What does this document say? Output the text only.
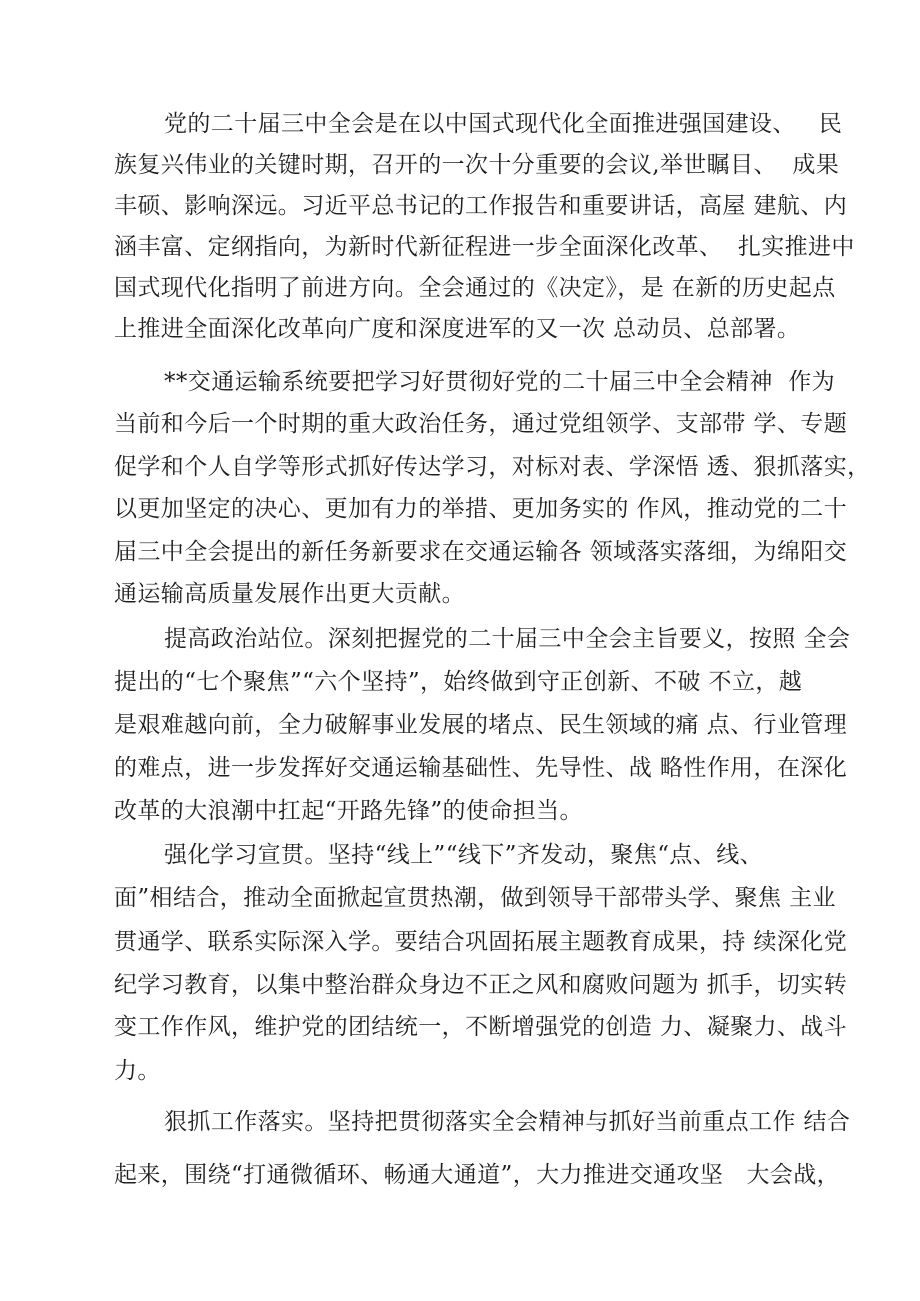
党的二十届三中全会是在以中国式现代化全面推进强国建设、   民
族复兴伟业的关键时期，召开的一次十分重要的会议,举世瞩目、  成果
丰硕、影响深远。习近平总书记的工作报告和重要讲话，高屋 建航、内
涵丰富、定纲指向，为新时代新征程进一步全面深化改革、  扎实推进中
国式现代化指明了前进方向。全会通过的《决定》，是 在新的历史起点
上推进全面深化改革向广度和深度进军的又一次 总动员、总部署。
**交通运输系统要把学习好贯彻好党的二十届三中全会精神  作为
当前和今后一个时期的重大政治任务，通过党组领学、支部带 学、专题
促学和个人自学等形式抓好传达学习，对标对表、学深悟 透、狠抓落实，
以更加坚定的决心、更加有力的举措、更加务实的 作风，推动党的二十
届三中全会提出的新任务新要求在交通运输各 领域落实落细，为绵阳交
通运输高质量发展作出更大贡献。
提高政治站位。深刻把握党的二十届三中全会主旨要义，按照 全会
提出的“七个聚焦”“六个坚持”，始终做到守正创新、不破 不立，越
是艰难越向前，全力破解事业发展的堵点、民生领域的痛 点、行业管理
的难点，进一步发挥好交通运输基础性、先导性、战 略性作用，在深化
改革的大浪潮中扛起“开路先锋”的使命担当。
强化学习宣贯。坚持“线上”“线下”齐发动，聚焦“点、线、
面”相结合，推动全面掀起宣贯热潮，做到领导干部带头学、聚焦 主业
贯通学、联系实际深入学。要结合巩固拓展主题教育成果，持 续深化党
纪学习教育，以集中整治群众身边不正之风和腐败问题为 抓手，切实转
变工作作风，维护党的团结统一，不断增强党的创造 力、凝聚力、战斗
力。
狠抓工作落实。坚持把贯彻落实全会精神与抓好当前重点工作 结合
起来，围绕“打通微循环、畅通大通道”，大力推进交通攻坚   大会战，
